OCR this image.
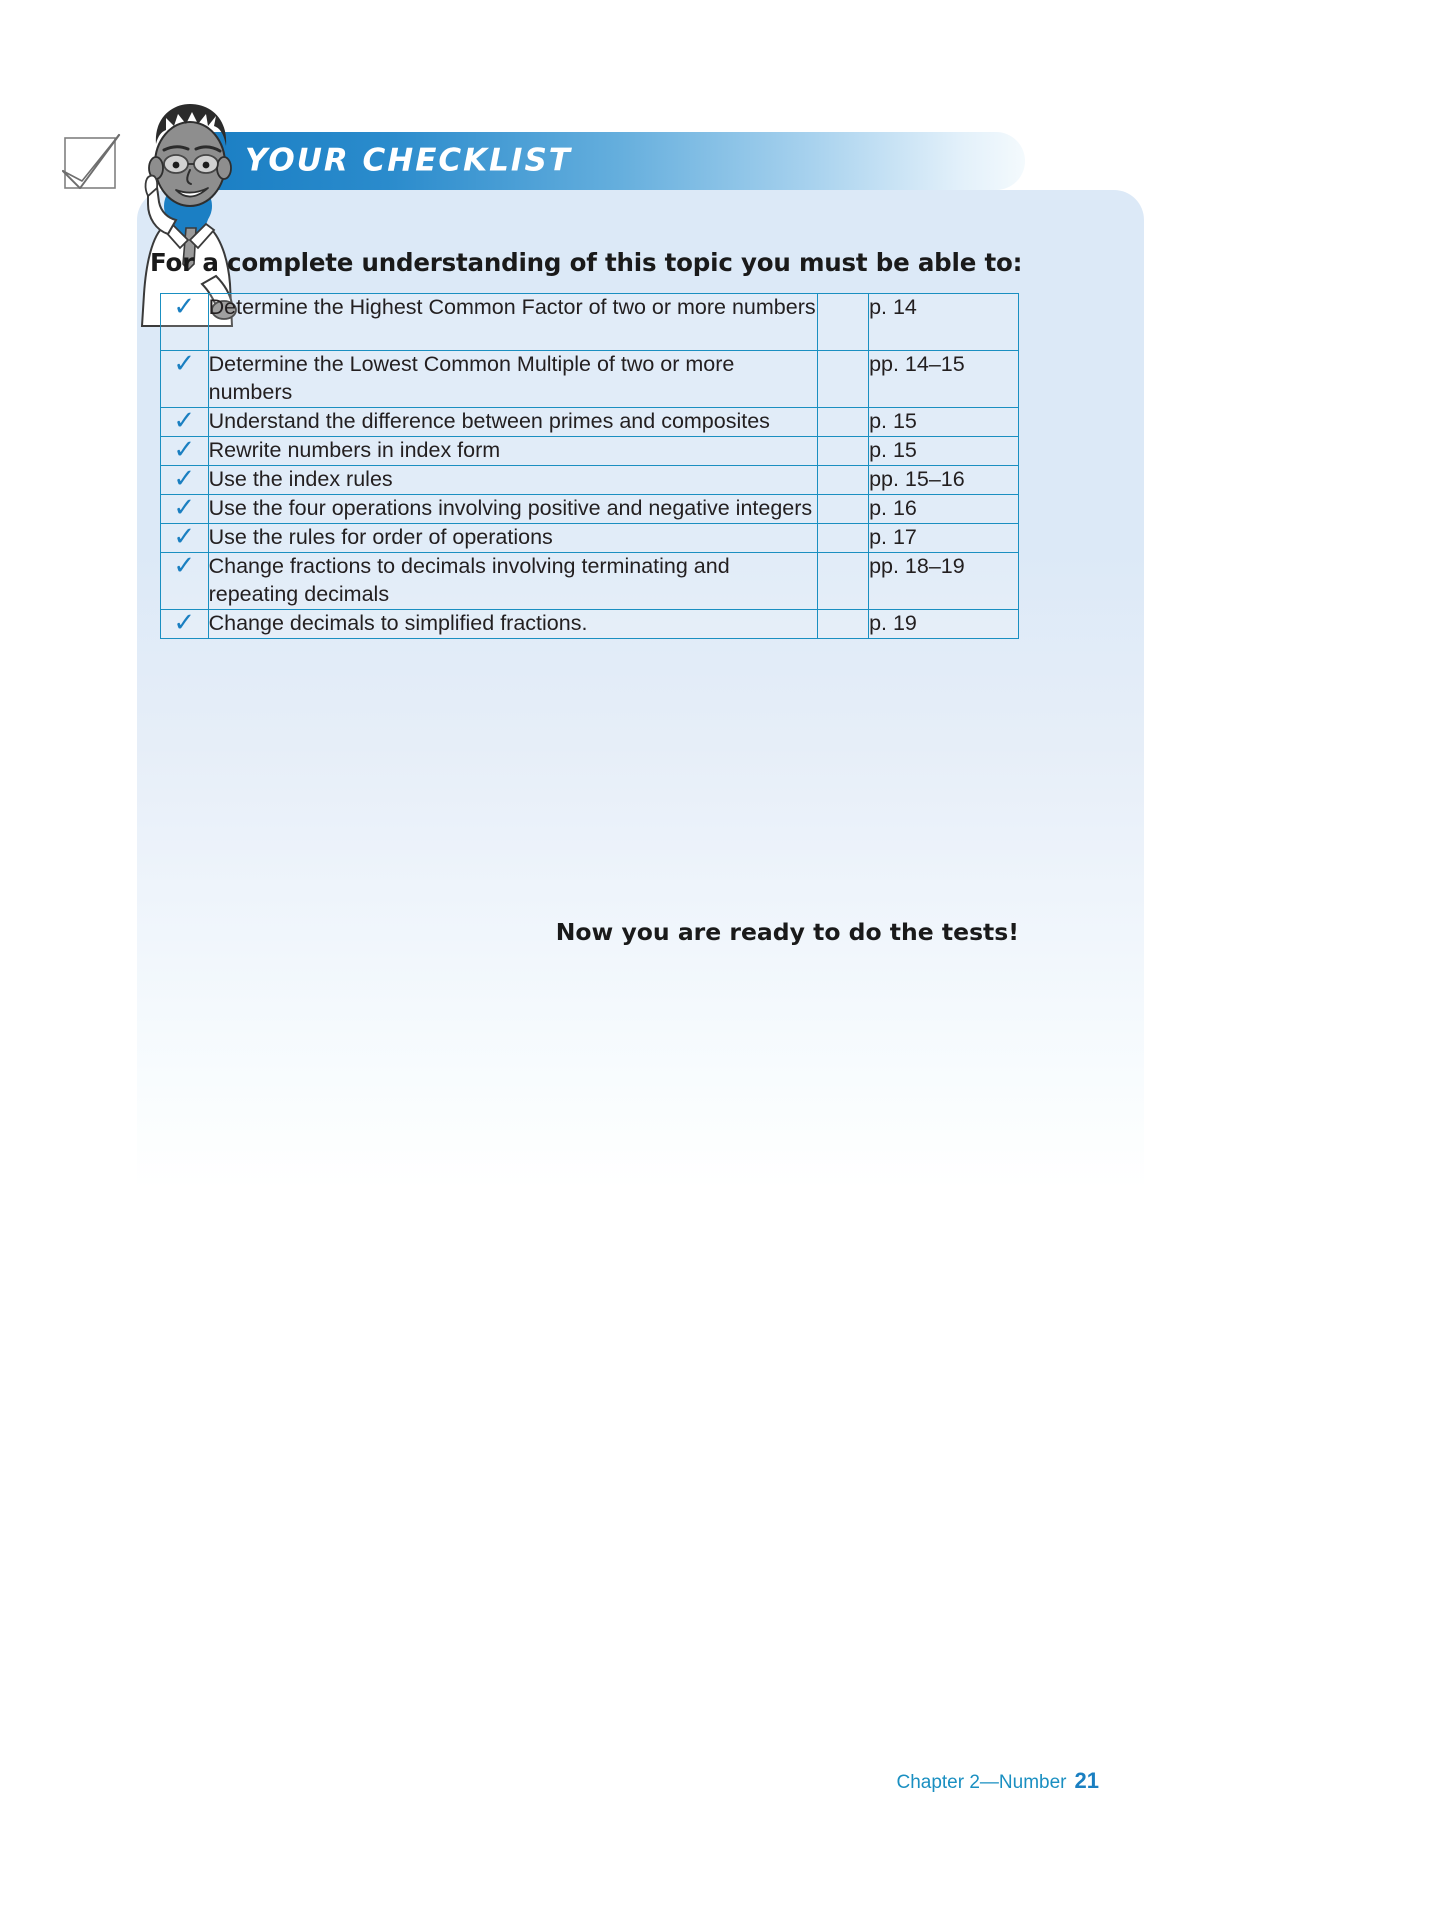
YOUR CHECKLIST
For a complete understanding of this topic you must be able to:
✓	Determine the Highest Common Factor of two or more numbers		p. 14
✓	Determine the Lowest Common Multiple of two or more numbers		pp. 14–15
✓	Understand the difference between primes and composites		p. 15
✓	Rewrite numbers in index form		p. 15
✓	Use the index rules		pp. 15–16
✓	Use the four operations involving positive and negative integers		p. 16
✓	Use the rules for order of operations		p. 17
✓	Change fractions to decimals involving terminating and repeating decimals		pp. 18–19
✓	Change decimals to simplified fractions.		p. 19
Now you are ready to do the tests!
Chapter 2—Number 21
